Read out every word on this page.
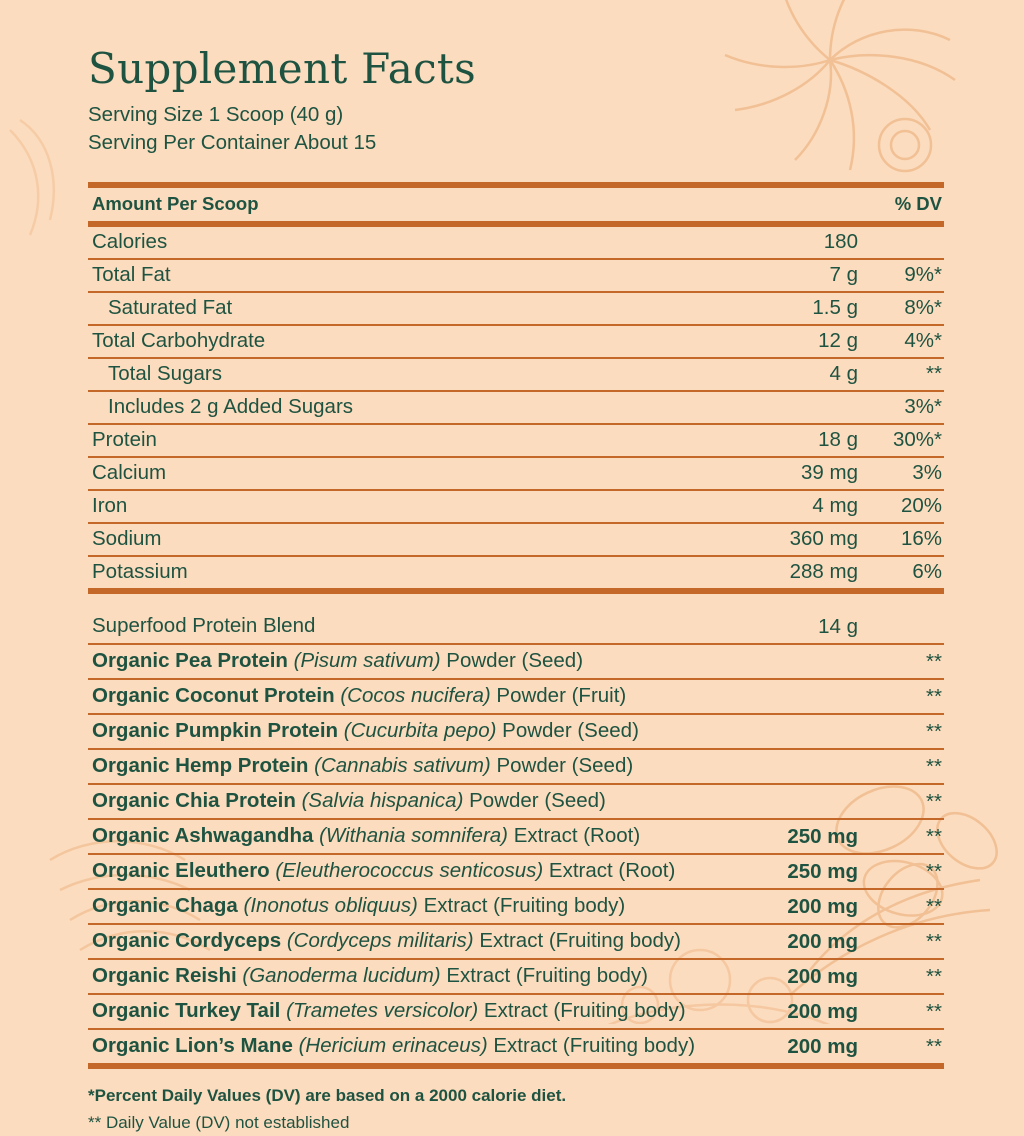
Supplement Facts
Serving Size 1 Scoop (40 g)
Serving Per Container About 15

Amount Per Scoop		% DV

Calories	180	

Total Fat	7 g	9%*

Saturated Fat	1.5 g	8%*

Total Carbohydrate	12 g	4%*

Total Sugars	4 g	**

Includes 2 g Added Sugars		3%*

Protein	18 g	30%*

Calcium	39 mg	3%

Iron	4 mg	20%

Sodium	360 mg	16%

Potassium	288 mg	6%

Superfood Protein Blend	14 g	

Organic Pea Protein (Pisum sativum) Powder (Seed)		**

Organic Coconut Protein (Cocos nucifera) Powder (Fruit)		**

Organic Pumpkin Protein (Cucurbita pepo) Powder (Seed)		**

Organic Hemp Protein (Cannabis sativum) Powder (Seed)		**

Organic Chia Protein (Salvia hispanica) Powder (Seed)		**

Organic Ashwagandha (Withania somnifera) Extract (Root)	250 mg	**

Organic Eleuthero (Eleutherococcus senticosus) Extract (Root)	250 mg	**

Organic Chaga (Inonotus obliquus) Extract (Fruiting body)	200 mg	**

Organic Cordyceps (Cordyceps militaris) Extract (Fruiting body)	200 mg	**

Organic Reishi (Ganoderma lucidum) Extract (Fruiting body)	200 mg	**

Organic Turkey Tail (Trametes versicolor) Extract (Fruiting body)	200 mg	**

Organic Lion’s Mane (Hericium erinaceus) Extract (Fruiting body)	200 mg	**

*Percent Daily Values (DV) are based on a 2000 calorie diet.
** Daily Value (DV) not established
